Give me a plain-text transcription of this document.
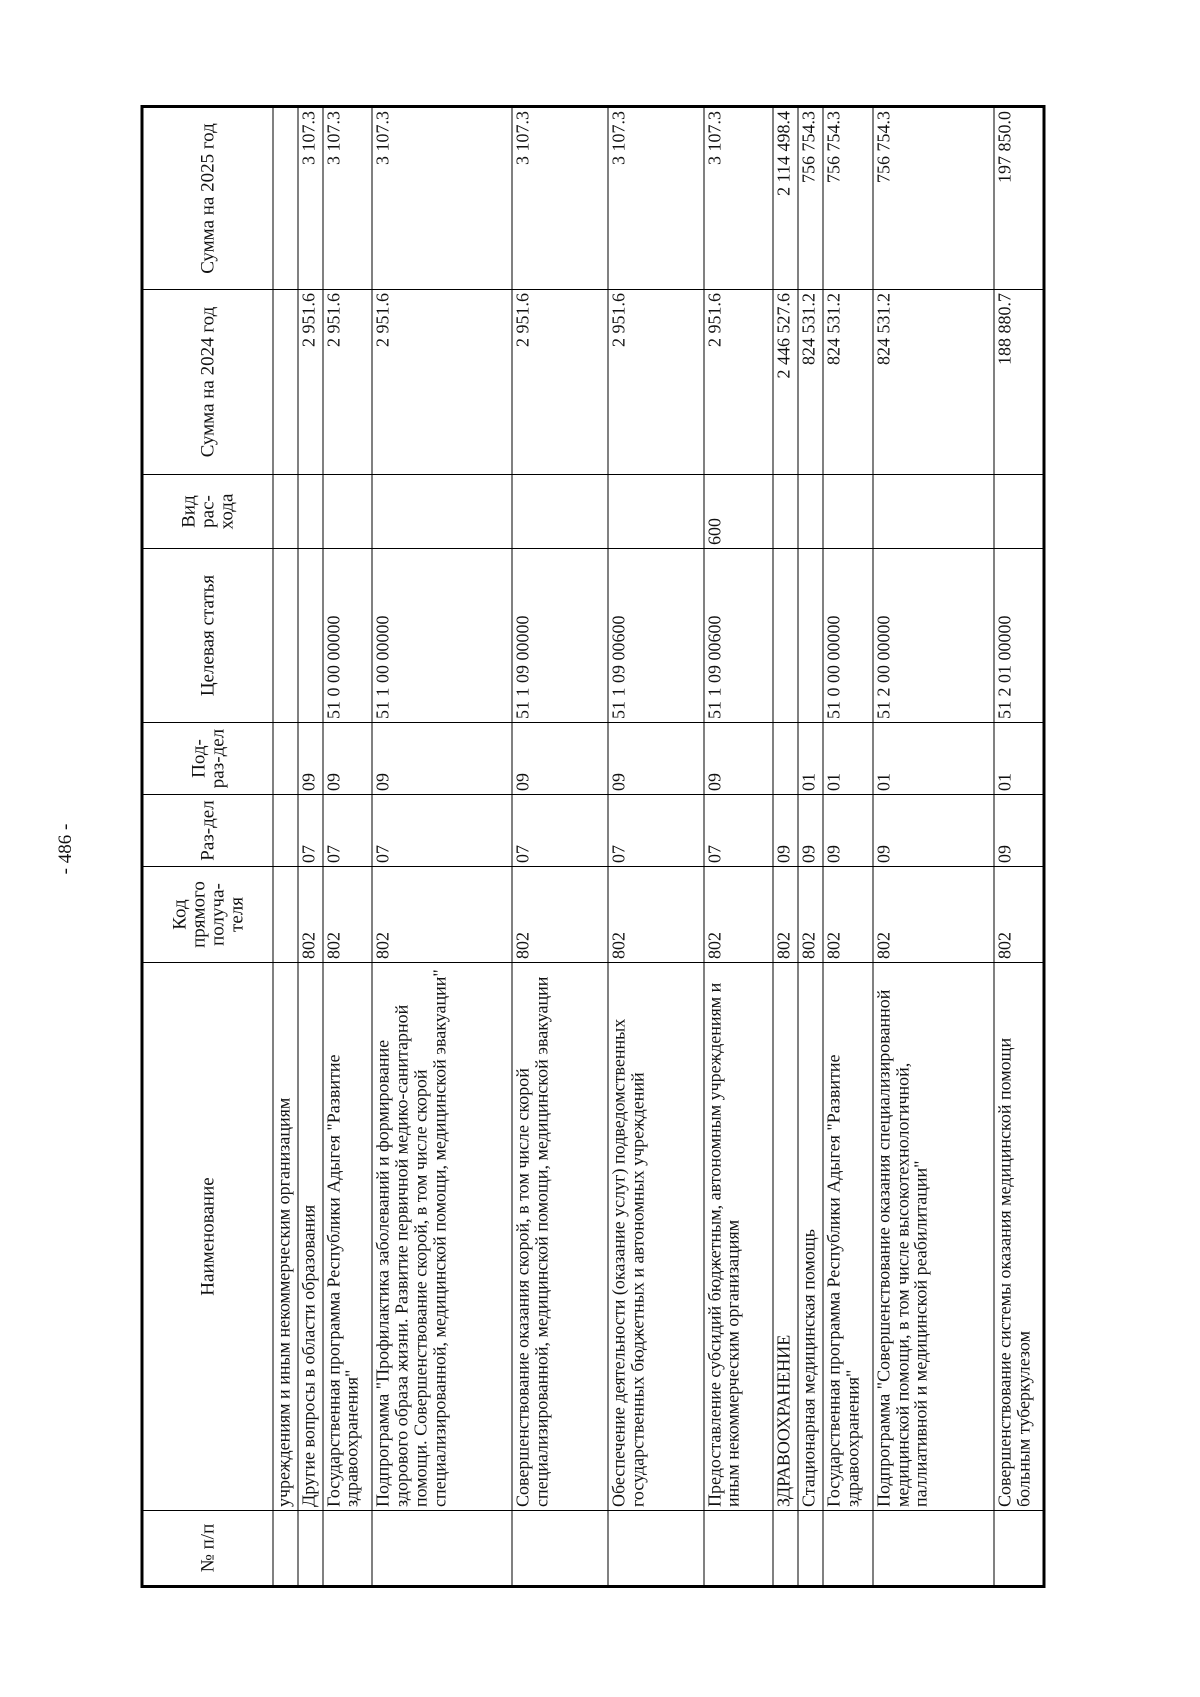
- 486 -
№ п/п	Наименование	Код прямого получа-теля	Раз-дел	Под-раз-дел	Целевая статья	Вид рас-хода	Сумма на 2024 год	Сумма на 2025 год
	учреждениям и иным некоммерческим организациям							
	Другие вопросы в области образования	802	07	09			2 951.6	3 107.3
	Государственная программа Республики Адыгея "Развитие здравоохранения"	802	07	09	51 0 00 00000		2 951.6	3 107.3
	Подпрограмма "Профилактика заболеваний и формирование здорового образа жизни. Развитие первичной медико-санитарной помощи. Совершенствование скорой, в том числе скорой специализированной, медицинской помощи, медицинской эвакуации"	802	07	09	51 1 00 00000		2 951.6	3 107.3
	Совершенствование оказания скорой, в том числе скорой специализированной, медицинской помощи, медицинской эвакуации	802	07	09	51 1 09 00000		2 951.6	3 107.3
	Обеспечение деятельности (оказание услуг) подведомственных государственных бюджетных и автономных учреждений	802	07	09	51 1 09 00600		2 951.6	3 107.3
	Предоставление субсидий бюджетным, автономным учреждениям и иным некоммерческим организациям	802	07	09	51 1 09 00600	600	2 951.6	3 107.3
	ЗДРАВООХРАНЕНИЕ	802	09				2 446 527.6	2 114 498.4
	Стационарная медицинская помощь	802	09	01			824 531.2	756 754.3
	Государственная программа Республики Адыгея "Развитие здравоохранения"	802	09	01	51 0 00 00000		824 531.2	756 754.3
	Подпрограмма "Совершенствование оказания специализированной медицинской помощи, в том числе высокотехнологичной, паллиативной и медицинской реабилитации"	802	09	01	51 2 00 00000		824 531.2	756 754.3
	Совершенствование системы оказания медицинской помощи больным туберкулезом	802	09	01	51 2 01 00000		188 880.7	197 850.0
